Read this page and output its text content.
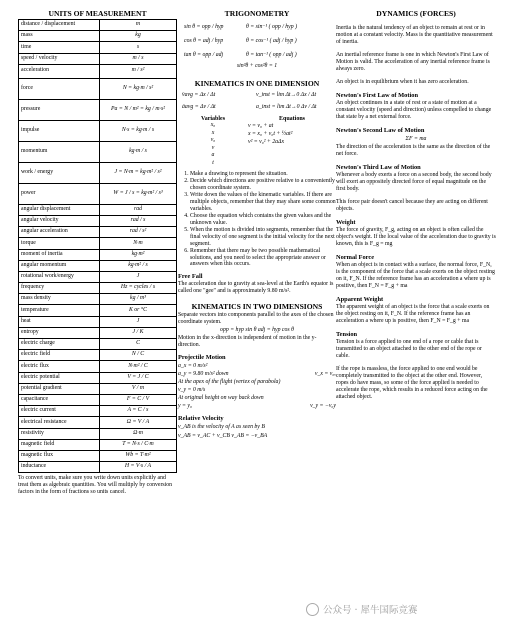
UNITS OF MEASUREMENT
distance / displacement	m
mass	kg
time	s
speed / velocity	m / s
acceleration	m / s²
force	N = kg·m / s²
pressure	Pa = N / m² = kg / m·s²
impulse	N·s = kg·m / s
momentum	kg·m / s
work / energy	J = N·m = kg·m² / s²
power	W = J / s = kg·m² / s³
angular displacement	rad
angular velocity	rad / s
angular acceleration	rad / s²
torque	N·m
moment of inertia	kg·m²
angular momentum	kg·m² / s
rotational work/energy	J
frequency	Hz = cycles / s
mass density	kg / m³
temperature	K or °C
heat	J
entropy	J / K
electric charge	C
electric field	N / C
electric flux	N·m² / C
electric potential	V = J / C
potential gradient	V / m
capacitance	F = C / V
electric current	A = C / s
electrical resistance	Ω = V / A
resistivity	Ω·m
magnetic field	T = N·s / C·m
magnetic flux	Wb = T·m²
inductance	H = V·s / A
To convert units, make sure you write down units explicitly and treat them as algebraic quantities. You will multiply by conversion factors in the form of fractions so units cancel.
TRIGONOMETRY
sin θ = opp / hyp	θ = sin⁻¹ ( opp / hyp )
cos θ = adj / hyp	θ = cos⁻¹ ( adj / hyp )
tan θ = opp / adj	θ = tan⁻¹ ( opp / adj )
sin²θ + cos²θ = 1
KINEMATICS IN ONE DIMENSION
v̄avg = Δx / Δt	v_inst = lim Δt→0 Δx / Δt
āavg = Δv / Δt	a_inst = lim Δt→0 Δv / Δt
Variables	Equations
x₀
x
v₀
v
a
t
v = v₀ + at
x = x₀ + v₀t + ½at²
v² = v₀² + 2aΔx
1. Make a drawing to represent the situation.
2. Decide which directions are positive relative to a conveniently chosen coordinate system.
3. Write down the values of the kinematic variables. If there are multiple objects, remember that they may share some common variables.
4. Choose the equation which contains the given values and the unknown value.
5. When the motion is divided into segments, remember that the final velocity of one segment is the initial velocity for the next segment.
6. Remember that there may be two possible mathematical solutions, and you need to select the appropriate answer or answers when this occurs.
Free Fall
The acceleration due to gravity at sea-level at the Earth's equator is called one "gee" and is approximately 9.80 m/s².
KINEMATICS IN TWO DIMENSIONS
Separate vectors into components parallel to the axes of the chosen coordinate system.
opp = hyp sin θ adj = hyp cos θ
Motion in the x-direction is independent of motion in the y-direction.
Projectile Motion
a_x = 0 m/s²
a_y = 9.80 m/s² down	v_x = v₀ₓ
At the apex of the flight (vertex of parabola)
v_y = 0 m/s
At original height on way back down
y = y₀	v_y = −v₀y
Relative Velocity
v_AB is the velocity of A as seen by B
v_AB = v_AC + v_CB v_AB = −v_BA
DYNAMICS (FORCES)

Inertia is the natural tendency of an object to remain at rest or in motion at a constant velocity. Mass is the quantitative measurement of inertia.

An inertial reference frame is one in which Newton's First Law of Motion is valid. The acceleration of any inertial reference frame is always zero.

An object is in equilibrium when it has zero acceleration.

Newton's First Law of Motion

An object continues in a state of rest or a state of motion at a constant velocity (speed and direction) unless compelled to change that state by a net external force.

Newton's Second Law of Motion
ΣF = ma

The direction of the acceleration is the same as the direction of the net force.

Newton's Third Law of Motion

Whenever a body exerts a force on a second body, the second body will exert an oppositely directed force of equal magnitude on the first body.

This force pair doesn't cancel because they are acting on different objects.

Weight

The force of gravity, F_g, acting on an object is often called the object's weight. If the local value of the acceleration due to gravity is known, this is F_g = mg

Normal Force

When an object is in contact with a surface, the normal force, F_N, is the component of the force that a scale exerts on the object resting on it, F_N. If the reference frame has an acceleration a where up is positive, then F_N = F_g + ma

Apparent Weight

The apparent weight of an object is the force that a scale exerts on the object resting on it, F_N. If the reference frame has an acceleration a where up is positive, then F_N = F_g + ma

Tension

Tension is a force applied to one end of a rope or cable that is transmitted to an object attached to the other end of the rope or cable.

If the rope is massless, the force applied to one end would be completely transmitted to the object at the other end. However, ropes do have mass, so some of the force applied is needed to accelerate the rope, which results in a reduced force acting on the attached object.

公众号 · 犀牛国际竞赛
